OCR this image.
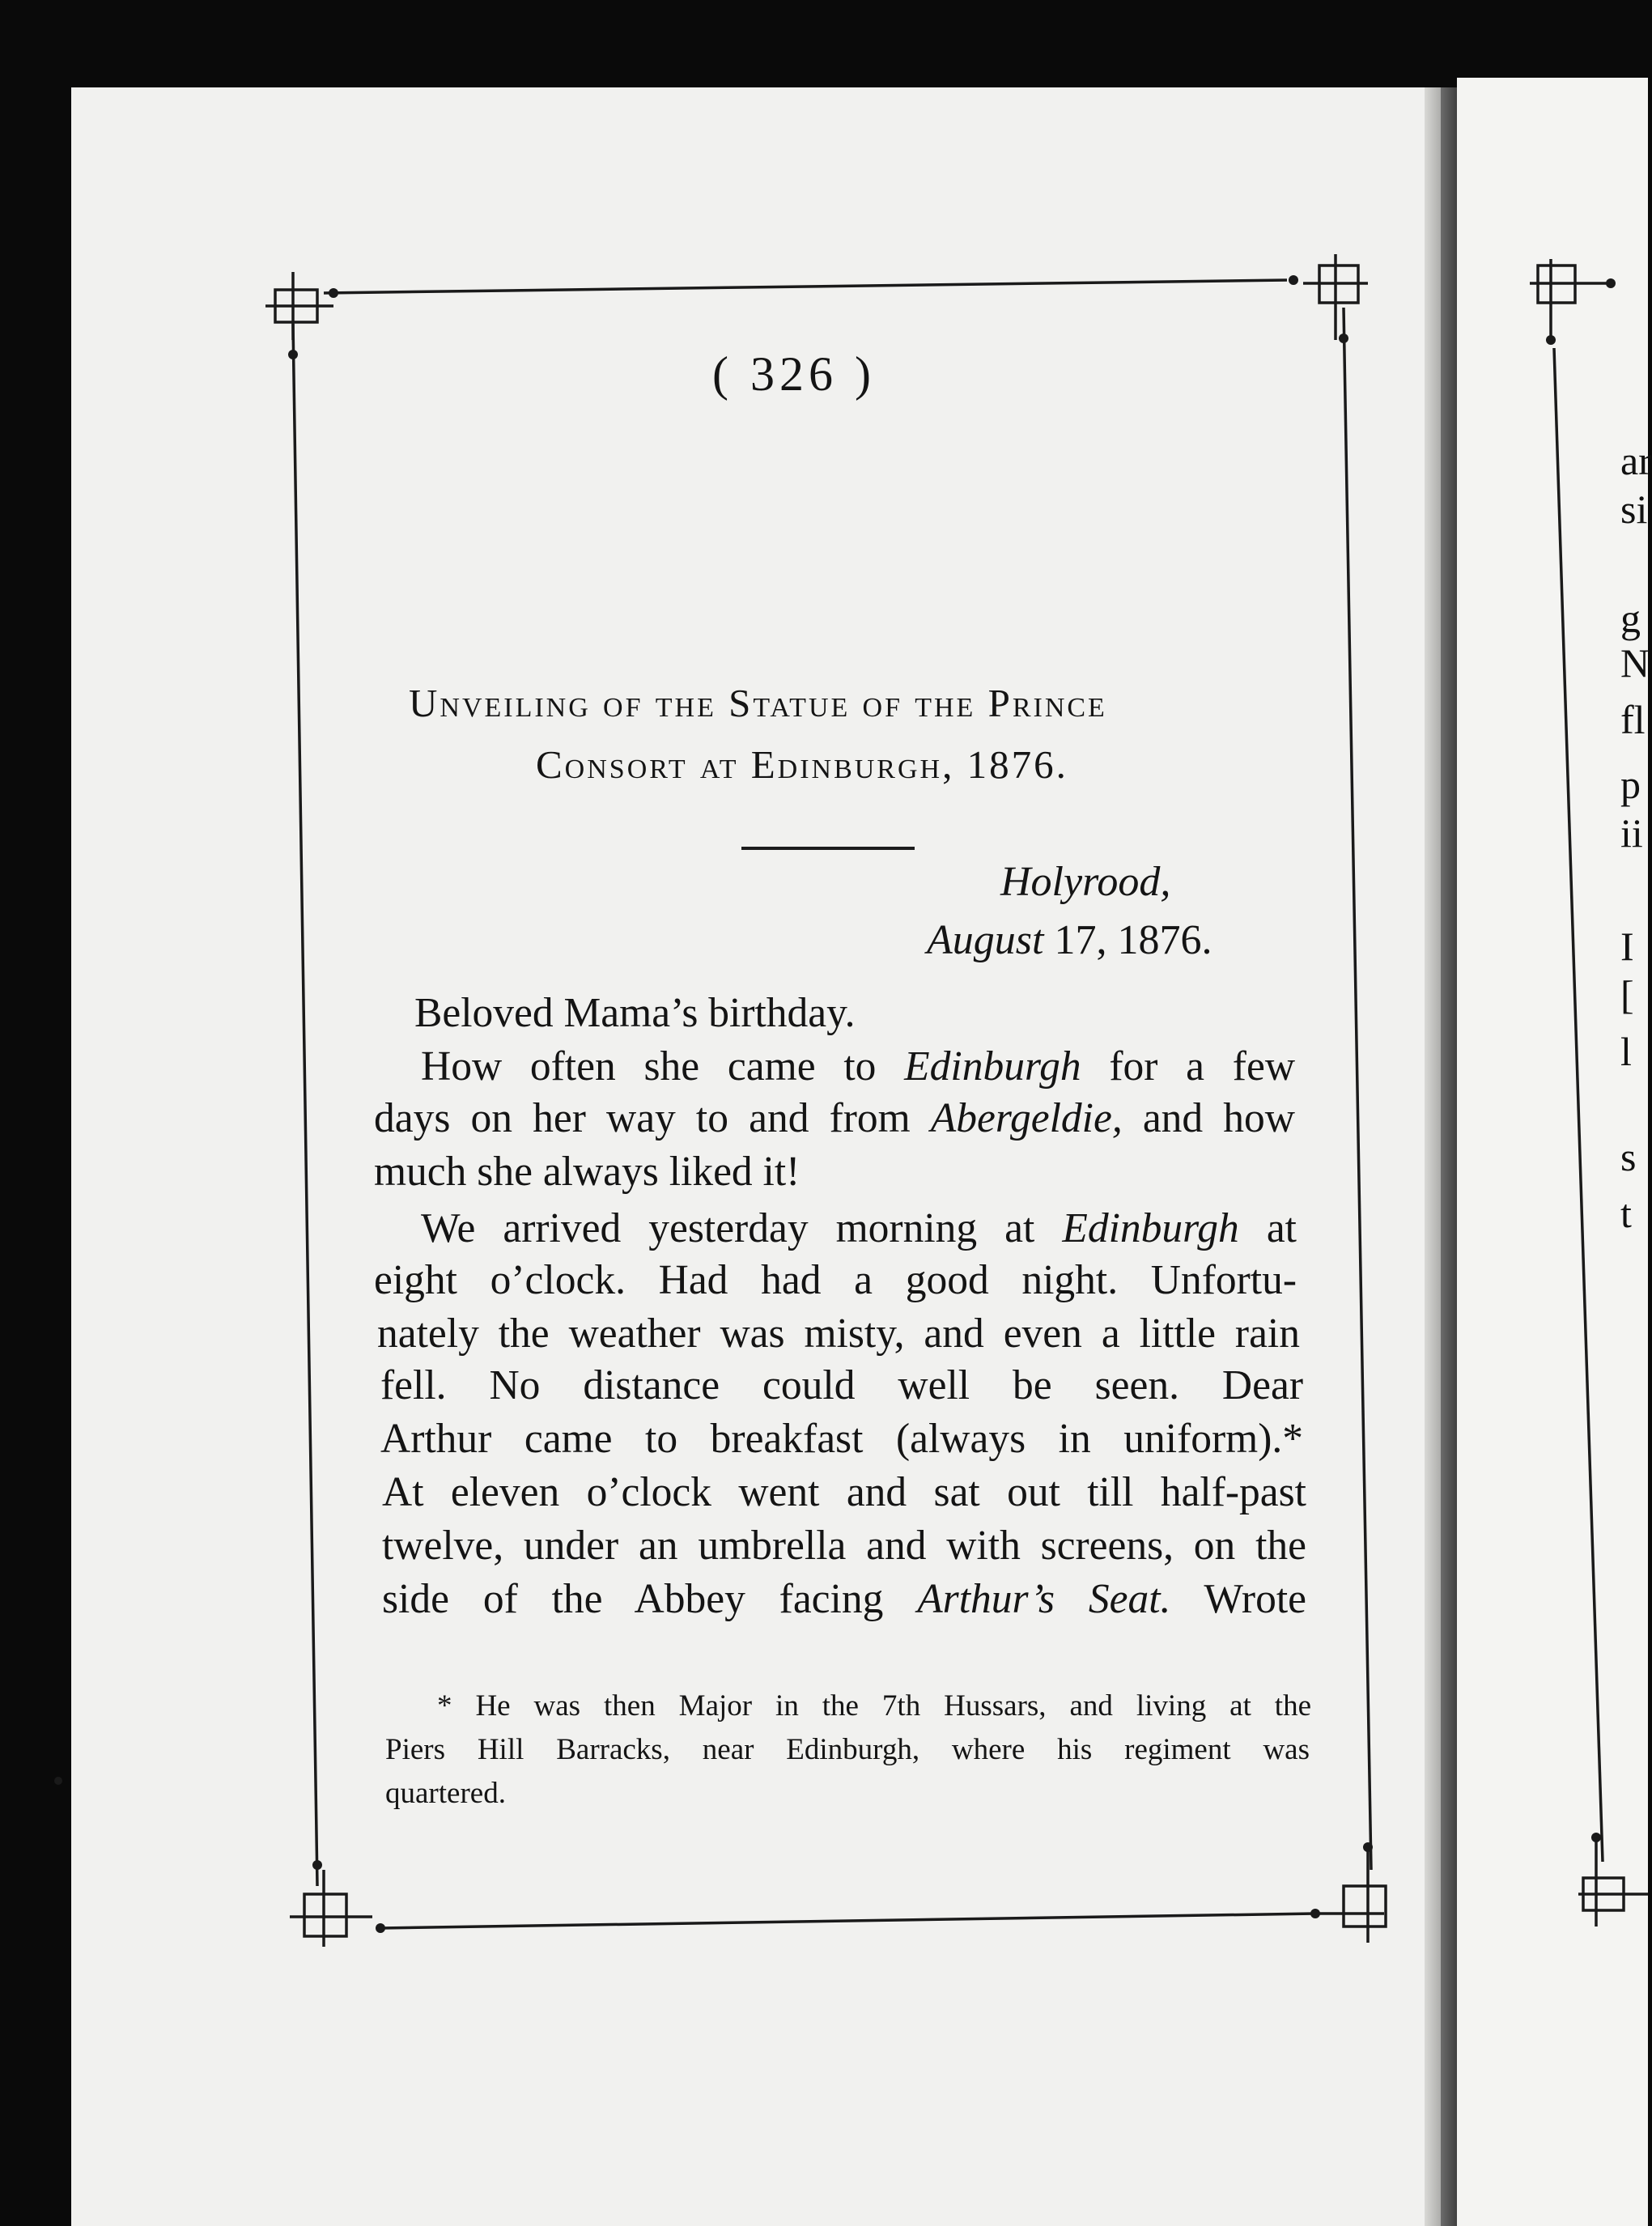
( 326 )
Unveiling of the Statue of the Prince
Consort at Edinburgh, 1876.
Holyrood,
August 17, 1876.
Beloved Mama’s birthday.
How often she came to Edinburgh for a few
days on her way to and from Abergeldie, and how
much she always liked it!
We arrived yesterday morning at Edinburgh at
eight o’clock. Had had a good night. Unfortu-
nately the weather was misty, and even a little rain
fell. No distance could well be seen. Dear
Arthur came to breakfast (always in uniform).*
At eleven o’clock went and sat out till half-past
twelve, under an umbrella and with screens, on the
side of the Abbey facing Arthur’s Seat. Wrote
* He was then Major in the 7th Hussars, and living at the
Piers Hill Barracks, near Edinburgh, where his regiment was
quartered.
ar
si
g
N
fl
p
ii
I
[
l
s
t
